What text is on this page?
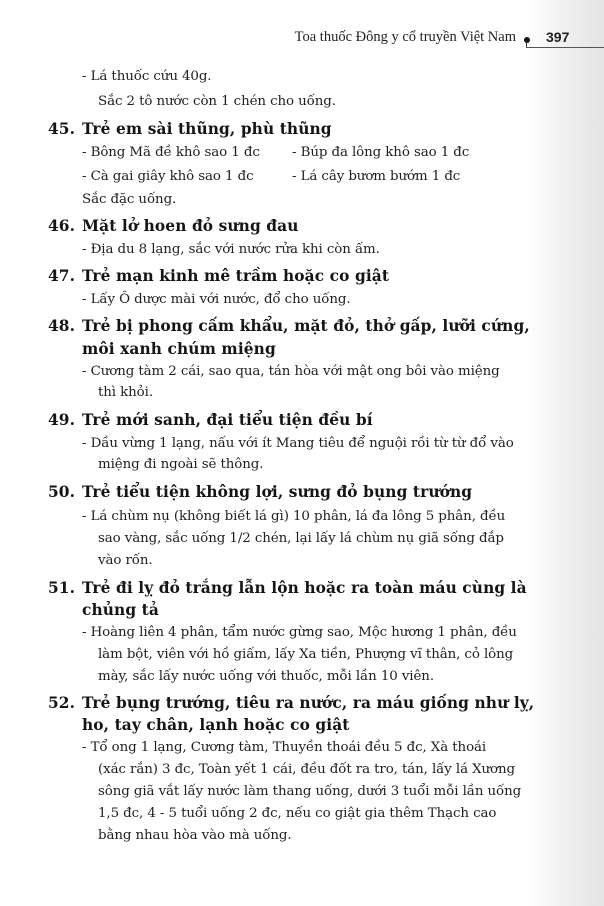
Toa thuốc Đông y cổ truyền Việt Nam 397
- Lá thuốc cứu 40g.
Sắc 2 tô nước còn 1 chén cho uống.
45. Trẻ em sài thũng, phù thũng
- Bông Mã đề khô sao 1 đc - Búp đa lông khô sao 1 đc
- Cà gai giây khô sao 1 đc	- Lá cây bươm bướm 1 đc
Sắc đặc uống.
46. Mặt lở hoen đỏ sưng đau
- Địa du 8 lạng, sắc với nước rửa khi còn ấm.
47. Trẻ mạn kinh mê trầm hoặc co giật
- Lấy Ô dược mài với nước, đổ cho uống.
48. Trẻ bị phong cấm khẩu, mặt đỏ, thở gấp, lưỡi cứng,
môi xanh chúm miệng
- Cương tàm 2 cái, sao qua, tán hòa với mật ong bôi vào miệng
thì khỏi.
49. Trẻ mới sanh, đại tiểu tiện đều bí
- Dầu vừng 1 lạng, nấu với ít Mang tiêu để nguội rồi từ từ đổ vào
miệng đi ngoài sẽ thông.
50. Trẻ tiểu tiện không lợi, sưng đỏ bụng trướng
- Lá chùm nụ (không biết lá gì) 10 phân, lá đa lông 5 phân, đều
sao vàng, sắc uống 1/2 chén, lại lấy lá chùm nụ giã sống đắp
vào rốn.
51. Trẻ đi lỵ đỏ trắng lẫn lộn hoặc ra toàn máu cùng là
chủng tả
- Hoàng liên 4 phân, tẩm nước gừng sao, Mộc hương 1 phân, đều
làm bột, viên với hồ giấm, lấy Xa tiền, Phượng vĩ thân, cỏ lông
mày, sắc lấy nước uống với thuốc, mỗi lần 10 viên.
52. Trẻ bụng trướng, tiêu ra nước, ra máu giống như lỵ,
ho, tay chân, lạnh hoặc co giật
- Tổ ong 1 lạng, Cương tàm, Thuyền thoái đều 5 đc, Xà thoái
(xác rắn) 3 đc, Toàn yết 1 cái, đều đốt ra tro, tán, lấy lá Xương
sông giã vắt lấy nước làm thang uống, dưới 3 tuổi mỗi lần uống
1,5 đc, 4 - 5 tuổi uống 2 đc, nếu co giật gia thêm Thạch cao
bằng nhau hòa vào mà uống.
